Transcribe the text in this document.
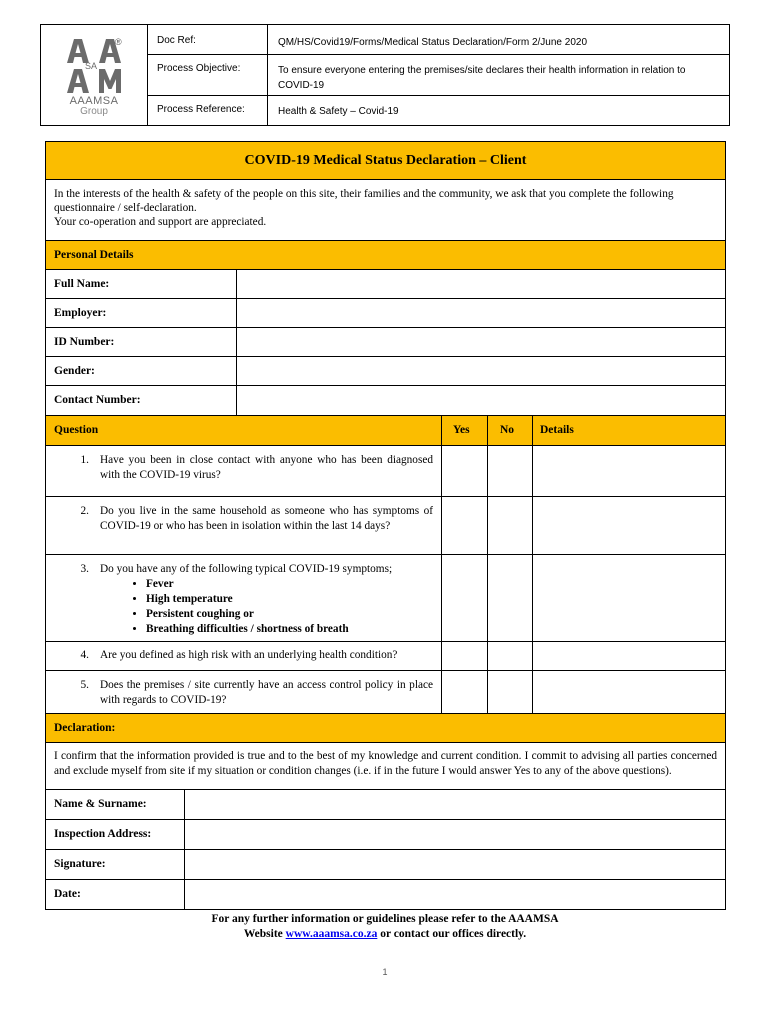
SA
®
AAAMSA
Group
Doc Ref:	QM/HS/Covid19/Forms/Medical Status Declaration/Form 2/June 2020
Process Objective:	To ensure everyone entering the premises/site declares their health information in relation to COVID-19
Process Reference:	Health & Safety – Covid-19
COVID-19 Medical Status Declaration – Client
In the interests of the health & safety of the people on this site, their families and the community, we ask that you complete the following questionnaire / self-declaration.
Your co-operation and support are appreciated.
Personal Details
Full Name:
Employer:
ID Number:
Gender:
Contact Number:
Question	Yes	No	Details
1. Have you been in close contact with anyone who has been diagnosed with the COVID-19 virus?
2. Do you live in the same household as someone who has symptoms of COVID-19 or who has been in isolation within the last 14 days?
3. Do you have any of the following typical COVID-19 symptoms;
• Fever
• High temperature
• Persistent coughing or
• Breathing difficulties / shortness of breath
4. Are you defined as high risk with an underlying health condition?
5. Does the premises / site currently have an access control policy in place with regards to COVID-19?
Declaration:
I confirm that the information provided is true and to the best of my knowledge and current condition. I commit to advising all parties concerned and exclude myself from site if my situation or condition changes (i.e. if in the future I would answer Yes to any of the above questions).
Name & Surname:
Inspection Address:
Signature:
Date:
For any further information or guidelines please refer to the AAAMSA
Website www.aaamsa.co.za or contact our offices directly.
1
